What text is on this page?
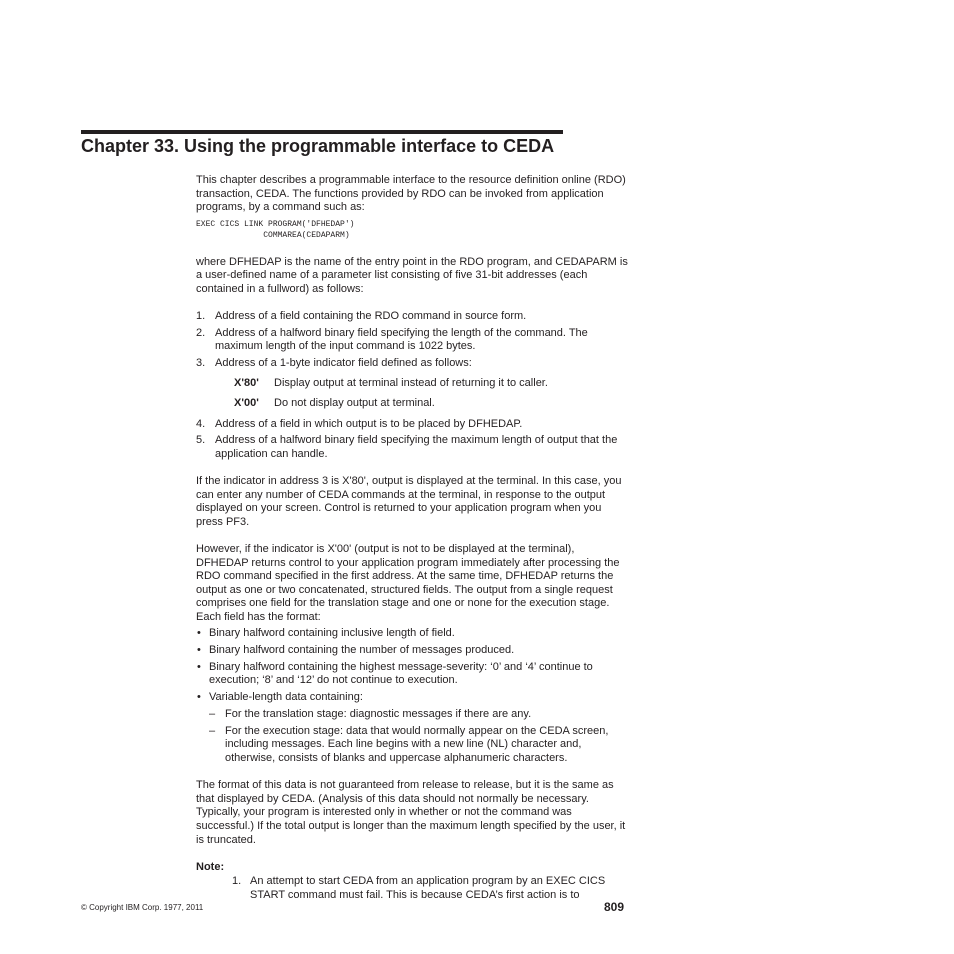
Chapter 33. Using the programmable interface to CEDA

This chapter describes a programmable interface to the resource definition online (RDO) transaction, CEDA. The functions provided by RDO can be invoked from application programs, by a command such as:

EXEC CICS LINK PROGRAM('DFHEDAP')
COMMAREA(CEDAPARM)

where DFHEDAP is the name of the entry point in the RDO program, and CEDAPARM is a user-defined name of a parameter list consisting of five 31-bit addresses (each contained in a fullword) as follows:

1. Address of a field containing the RDO command in source form.
2. Address of a halfword binary field specifying the length of the command. The maximum length of the input command is 1022 bytes.
3. Address of a 1-byte indicator field defined as follows:
X'80'	Display output at terminal instead of returning it to caller.
X'00'	Do not display output at terminal.
4. Address of a field in which output is to be placed by DFHEDAP.
5. Address of a halfword binary field specifying the maximum length of output that the application can handle.

If the indicator in address 3 is X'80', output is displayed at the terminal. In this case, you can enter any number of CEDA commands at the terminal, in response to the output displayed on your screen. Control is returned to your application program when you press PF3.

However, if the indicator is X'00' (output is not to be displayed at the terminal), DFHEDAP returns control to your application program immediately after processing the RDO command specified in the first address. At the same time, DFHEDAP returns the output as one or two concatenated, structured fields. The output from a single request comprises one field for the translation stage and one or none for the execution stage. Each field has the format:

• Binary halfword containing inclusive length of field.
• Binary halfword containing the number of messages produced.
• Binary halfword containing the highest message-severity: ‘0’ and ‘4’ continue to execution; ‘8’ and ‘12’ do not continue to execution.
• Variable-length data containing:
– For the translation stage: diagnostic messages if there are any.
– For the execution stage: data that would normally appear on the CEDA screen, including messages. Each line begins with a new line (NL) character and, otherwise, consists of blanks and uppercase alphanumeric characters.

The format of this data is not guaranteed from release to release, but it is the same as that displayed by CEDA. (Analysis of this data should not normally be necessary. Typically, your program is interested only in whether or not the command was successful.) If the total output is longer than the maximum length specified by the user, it is truncated.

Note:
1. An attempt to start CEDA from an application program by an EXEC CICS START command must fail. This is because CEDA’s first action is to
© Copyright IBM Corp. 1977, 2011	809
